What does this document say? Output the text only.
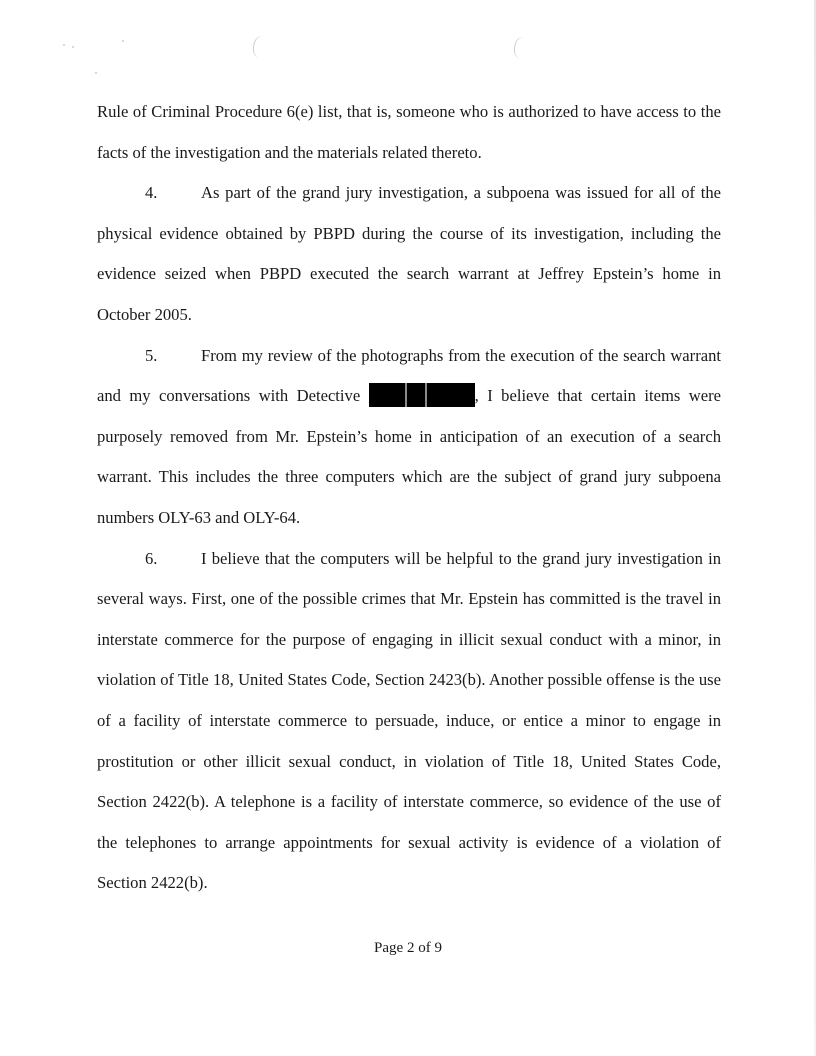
Rule of Criminal Procedure 6(e) list, that is, someone who is authorized to have access to the facts of the investigation and the materials related thereto.

4.	As part of the grand jury investigation, a subpoena was issued for all of the physical evidence obtained by PBPD during the course of its investigation, including the evidence seized when PBPD executed the search warrant at Jeffrey Epstein’s home in October 2005.

5.	From my review of the photographs from the execution of the search warrant and my conversations with Detective	, I believe that certain items were purposely removed from Mr. Epstein’s home in anticipation of an execution of a search warrant. This includes the three computers which are the subject of grand jury subpoena numbers OLY-63 and OLY-64.

6.	I believe that the computers will be helpful to the grand jury investigation in several ways. First, one of the possible crimes that Mr. Epstein has committed is the travel in interstate commerce for the purpose of engaging in illicit sexual conduct with a minor, in violation of Title 18, United States Code, Section 2423(b). Another possible offense is the use of a facility of interstate commerce to persuade, induce, or entice a minor to engage in prostitution or other illicit sexual conduct, in violation of Title 18, United States Code, Section 2422(b). A telephone is a facility of interstate commerce, so evidence of the use of the telephones to arrange appointments for sexual activity is evidence of a violation of Section 2422(b).

Page 2 of 9
